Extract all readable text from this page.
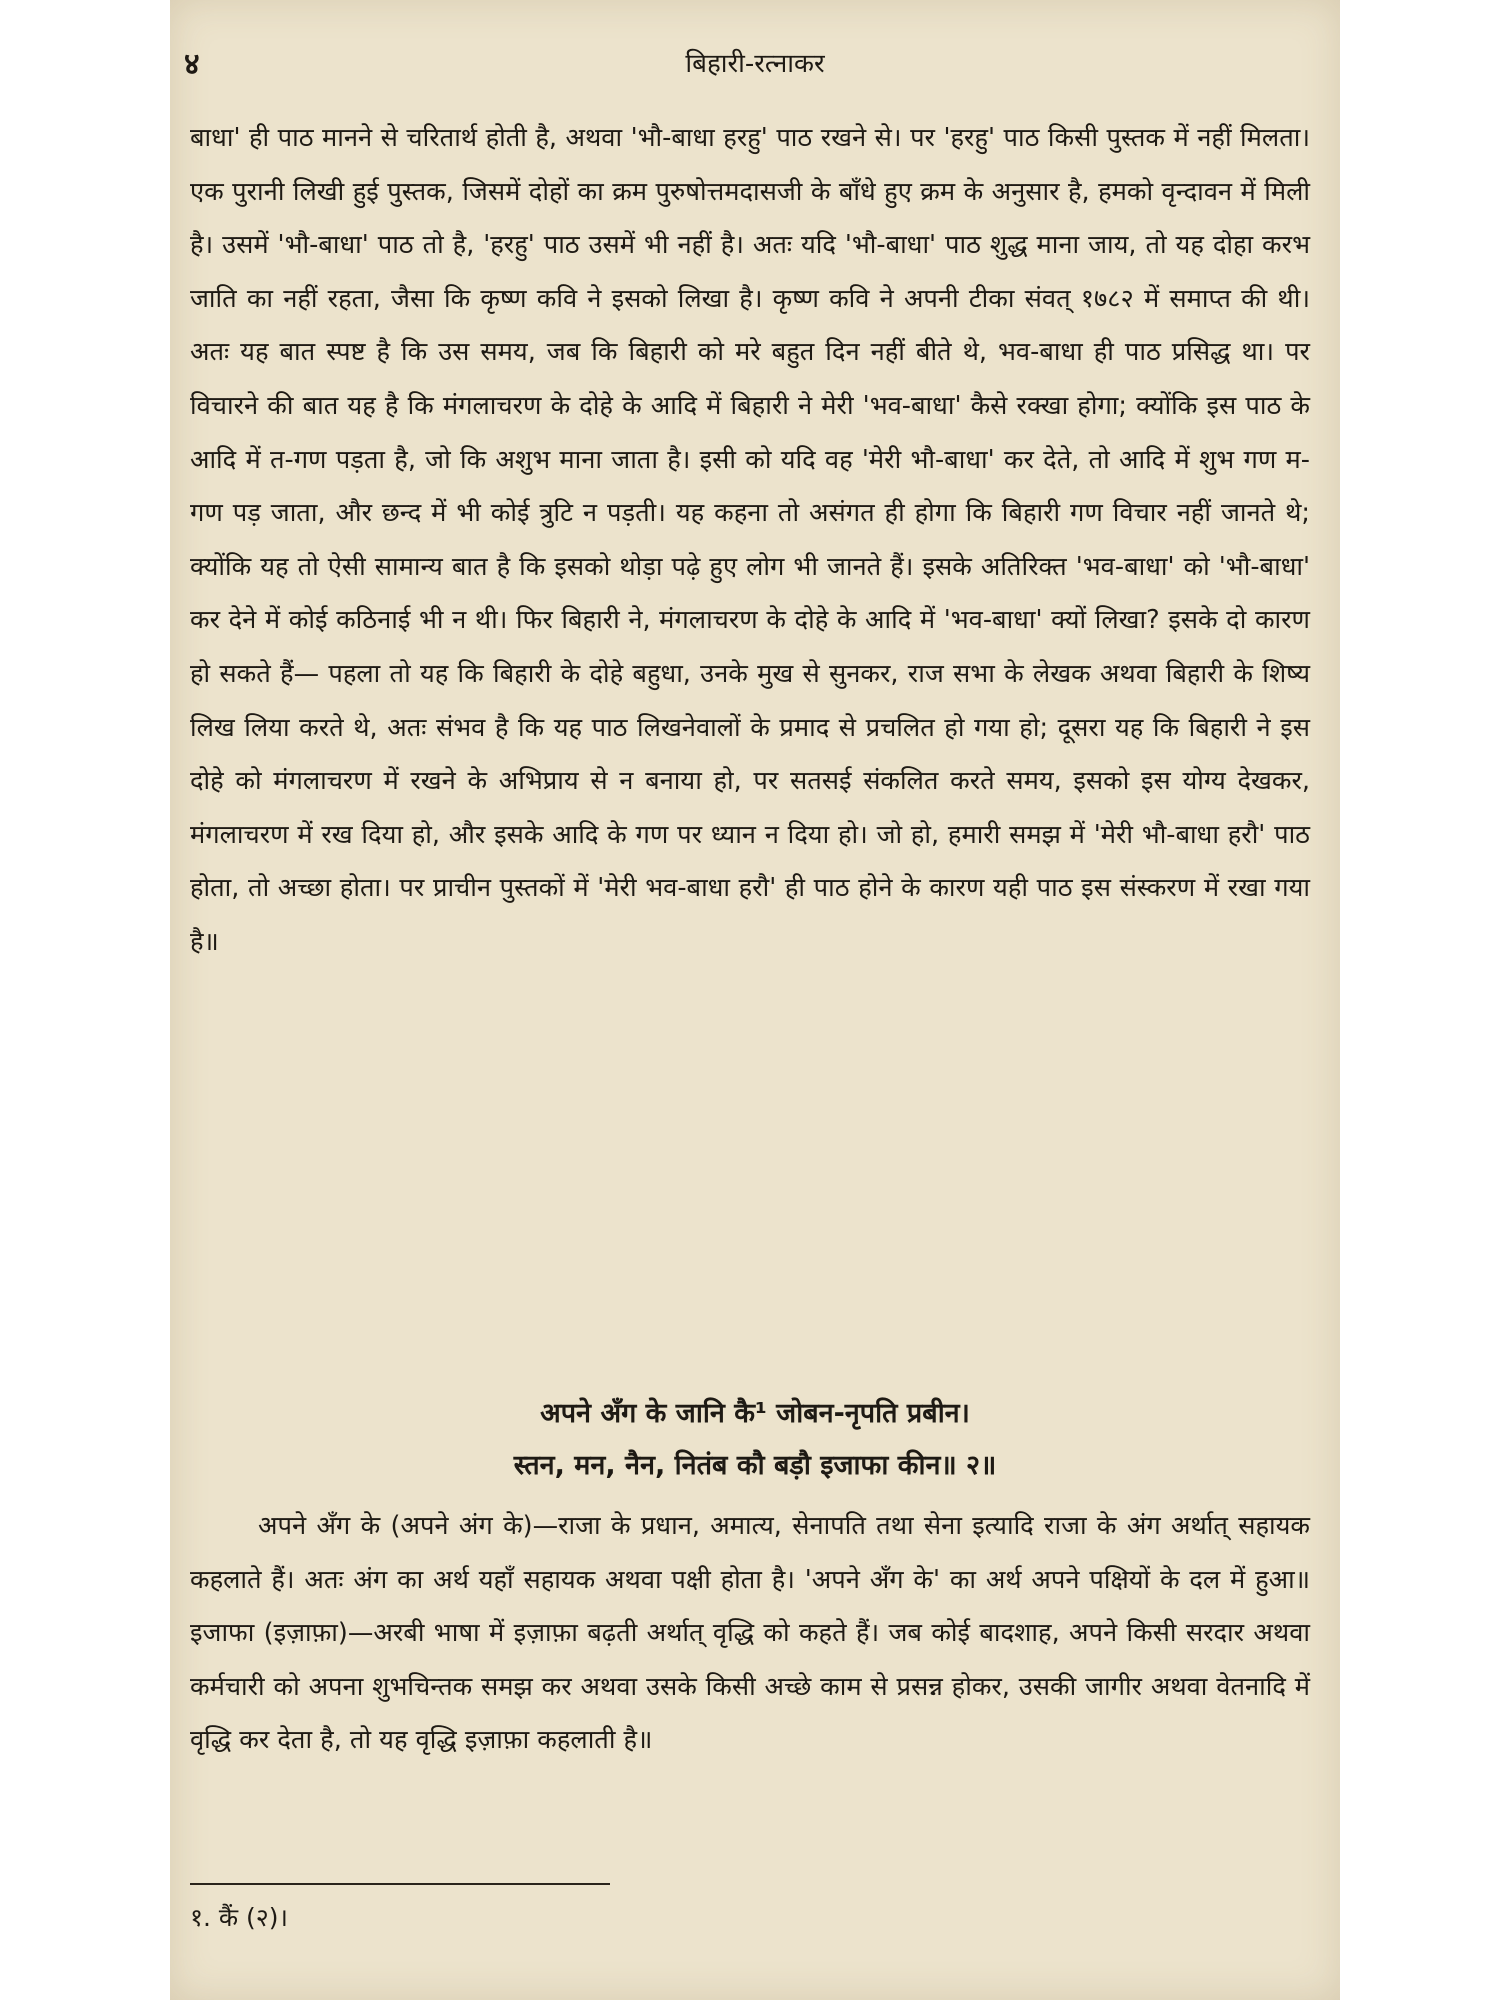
४	बिहारी-रत्नाकर

बाधा' ही पाठ मानने से चरितार्थ होती है, अथवा 'भौ-बाधा हरहु' पाठ रखने से। पर 'हरहु' पाठ किसी पुस्तक में नहीं मिलता। एक पुरानी लिखी हुई पुस्तक, जिसमें दोहों का क्रम पुरुषोत्तमदासजी के बाँधे हुए क्रम के अनुसार है, हमको वृन्दावन में मिली है। उसमें 'भौ-बाधा' पाठ तो है, 'हरहु' पाठ उसमें भी नहीं है। अतः यदि 'भौ-बाधा' पाठ शुद्ध माना जाय, तो यह दोहा करभ जाति का नहीं रहता, जैसा कि कृष्ण कवि ने इसको लिखा है। कृष्ण कवि ने अपनी टीका संवत् १७८२ में समाप्त की थी। अतः यह बात स्पष्ट है कि उस समय, जब कि बिहारी को मरे बहुत दिन नहीं बीते थे, भव-बाधा ही पाठ प्रसिद्ध था। पर विचारने की बात यह है कि मंगलाचरण के दोहे के आदि में बिहारी ने मेरी 'भव-बाधा' कैसे रक्खा होगा; क्योंकि इस पाठ के आदि में त-गण पड़ता है, जो कि अशुभ माना जाता है। इसी को यदि वह 'मेरी भौ-बाधा' कर देते, तो आदि में शुभ गण म-गण पड़ जाता, और छन्द में भी कोई त्रुटि न पड़ती। यह कहना तो असंगत ही होगा कि बिहारी गण विचार नहीं जानते थे; क्योंकि यह तो ऐसी सामान्य बात है कि इसको थोड़ा पढ़े हुए लोग भी जानते हैं। इसके अतिरिक्त 'भव-बाधा' को 'भौ-बाधा' कर देने में कोई कठिनाई भी न थी। फिर बिहारी ने, मंगलाचरण के दोहे के आदि में 'भव-बाधा' क्यों लिखा? इसके दो कारण हो सकते हैं— पहला तो यह कि बिहारी के दोहे बहुधा, उनके मुख से सुनकर, राज सभा के लेखक अथवा बिहारी के शिष्य लिख लिया करते थे, अतः संभव है कि यह पाठ लिखनेवालों के प्रमाद से प्रचलित हो गया हो; दूसरा यह कि बिहारी ने इस दोहे को मंगलाचरण में रखने के अभिप्राय से न बनाया हो, पर सतसई संकलित करते समय, इसको इस योग्य देखकर, मंगलाचरण में रख दिया हो, और इसके आदि के गण पर ध्यान न दिया हो। जो हो, हमारी समझ में 'मेरी भौ-बाधा हरौ' पाठ होता, तो अच्छा होता। पर प्राचीन पुस्तकों में 'मेरी भव-बाधा हरौ' ही पाठ होने के कारण यही पाठ इस संस्करण में रखा गया है॥

अपने अँग के जानि कै¹ जोबन-नृपति प्रबीन।
स्तन, मन, नैन, नितंब कौ बड़ौ इजाफा कीन॥ २॥

अपने अँग के (अपने अंग के)—राजा के प्रधान, अमात्य, सेनापति तथा सेना इत्यादि राजा के अंग अर्थात् सहायक कहलाते हैं। अतः अंग का अर्थ यहाँ सहायक अथवा पक्षी होता है। 'अपने अँग के' का अर्थ अपने पक्षियों के दल में हुआ॥ इजाफा (इज़ाफ़ा)—अरबी भाषा में इज़ाफ़ा बढ़ती अर्थात् वृद्धि को कहते हैं। जब कोई बादशाह, अपने किसी सरदार अथवा कर्मचारी को अपना शुभचिन्तक समझ कर अथवा उसके किसी अच्छे काम से प्रसन्न होकर, उसकी जागीर अथवा वेतनादि में वृद्धि कर देता है, तो यह वृद्धि इज़ाफ़ा कहलाती है॥

१. कैं (२)।
